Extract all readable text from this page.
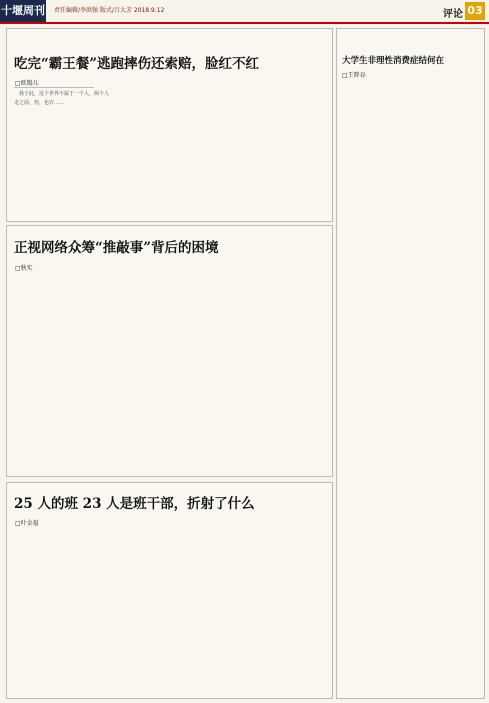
十堰周刊 责任编辑/李洪强 版式/吕大芳 2018.9.12	评论 03
吃完“霸王餐”逃跑摔伤还索赔，脸红不红
□欧锡儿

我于此，这个世界不属于一个人，两个人走之前，但，也许……

正视网络众筹“推敲事”背后的困境
□秋实
25 人的班 23 人是班干部，折射了什么
□叶金福
大学生非理性消费症结何在
□王降谷
